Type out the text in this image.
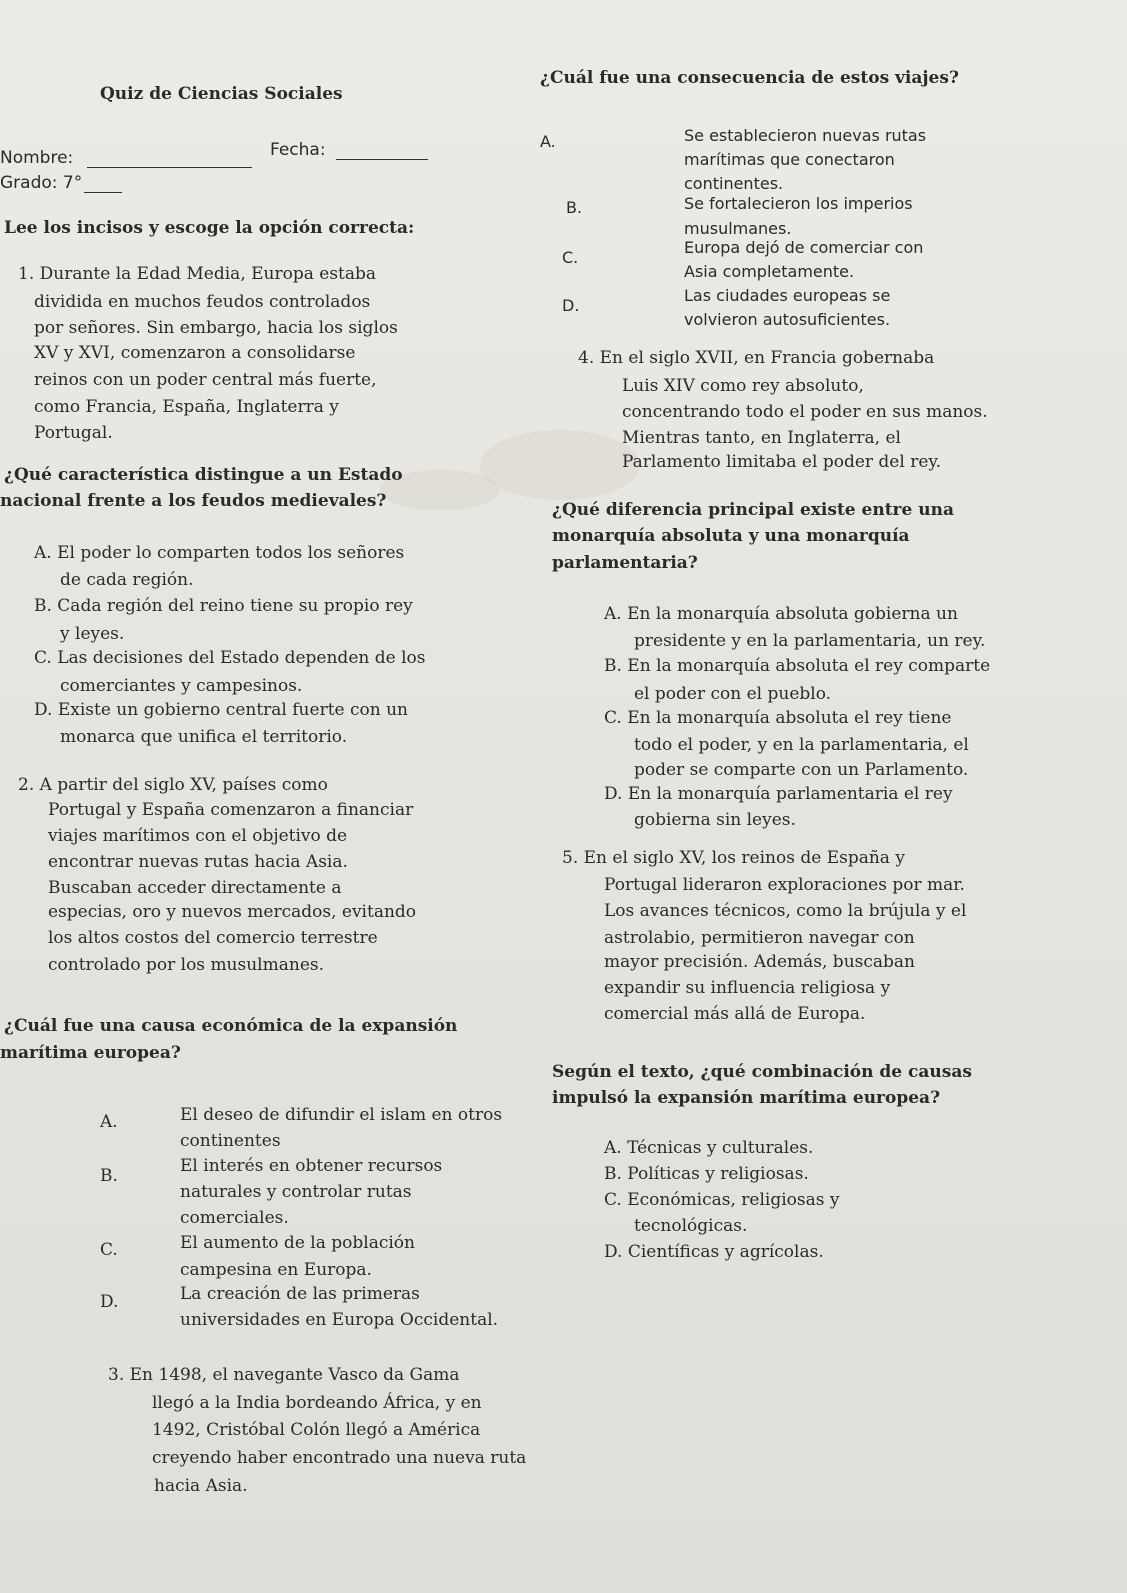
Quiz de Ciencias Sociales
Nombre:	Fecha:
Grado: 7°
Lee los incisos y escoge la opción correcta:
1. Durante la Edad Media, Europa estaba
dividida en muchos feudos controlados
por señores. Sin embargo, hacia los siglos
XV y XVI, comenzaron a consolidarse
reinos con un poder central más fuerte,
como Francia, España, Inglaterra y
Portugal.
¿Qué característica distingue a un Estado
nacional frente a los feudos medievales?
A. El poder lo comparten todos los señores
de cada región.
B. Cada región del reino tiene su propio rey
y leyes.
C. Las decisiones del Estado dependen de los
comerciantes y campesinos.
D. Existe un gobierno central fuerte con un
monarca que unifica el territorio.
2. A partir del siglo XV, países como
Portugal y España comenzaron a financiar
viajes marítimos con el objetivo de
encontrar nuevas rutas hacia Asia.
Buscaban acceder directamente a
especias, oro y nuevos mercados, evitando
los altos costos del comercio terrestre
controlado por los musulmanes.
¿Cuál fue una causa económica de la expansión
marítima europea?
A.	El deseo de difundir el islam en otros
continentes
B.	El interés en obtener recursos
naturales y controlar rutas
comerciales.
C.	El aumento de la población
campesina en Europa.
D.	La creación de las primeras
universidades en Europa Occidental.
3. En 1498, el navegante Vasco da Gama
llegó a la India bordeando África, y en
1492, Cristóbal Colón llegó a América
creyendo haber encontrado una nueva ruta
hacia Asia.
¿Cuál fue una consecuencia de estos viajes?
A.	Se establecieron nuevas rutas
marítimas que conectaron
continentes.
B.	Se fortalecieron los imperios
musulmanes.
C.
Europa dejó de comerciar con
Asia completamente.
D.
Las ciudades europeas se
volvieron autosuficientes.
4. En el siglo XVII, en Francia gobernaba
Luis XIV como rey absoluto,
concentrando todo el poder en sus manos.
Mientras tanto, en Inglaterra, el
Parlamento limitaba el poder del rey.
¿Qué diferencia principal existe entre una
monarquía absoluta y una monarquía
parlamentaria?
A. En la monarquía absoluta gobierna un
presidente y en la parlamentaria, un rey.
B. En la monarquía absoluta el rey comparte
el poder con el pueblo.
C. En la monarquía absoluta el rey tiene
todo el poder, y en la parlamentaria, el
poder se comparte con un Parlamento.
D. En la monarquía parlamentaria el rey
gobierna sin leyes.
5. En el siglo XV, los reinos de España y
Portugal lideraron exploraciones por mar.
Los avances técnicos, como la brújula y el
astrolabio, permitieron navegar con
mayor precisión. Además, buscaban
expandir su influencia religiosa y
comercial más allá de Europa.
Según el texto, ¿qué combinación de causas
impulsó la expansión marítima europea?
A. Técnicas y culturales.
B. Políticas y religiosas.
C. Económicas, religiosas y
tecnológicas.
D. Científicas y agrícolas.
